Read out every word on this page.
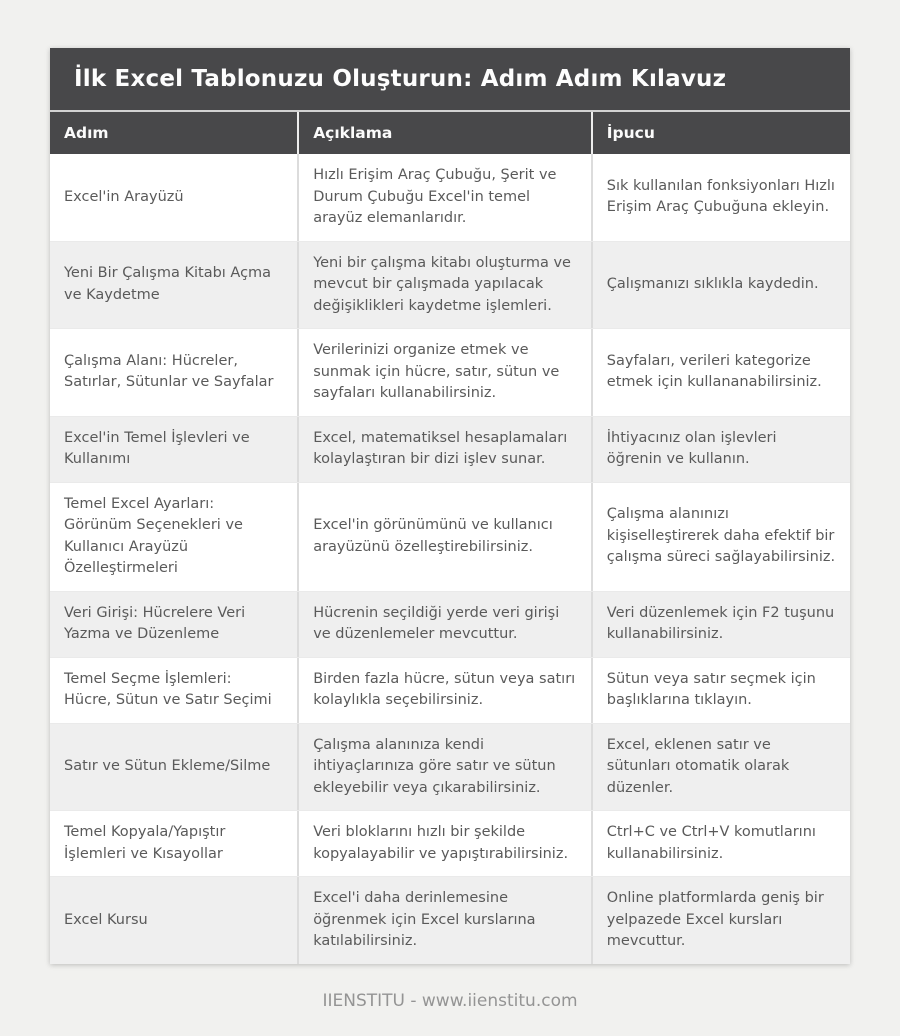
İlk Excel Tablonuzu Oluşturun: Adım Adım Kılavuz
Adım	Açıklama	İpucu
Excel'in Arayüzü
Hızlı Erişim Araç Çubuğu, Şerit ve Durum Çubuğu Excel'in temel arayüz elemanlarıdır.
Sık kullanılan fonksiyonları Hızlı Erişim Araç Çubuğuna ekleyin.
Yeni Bir Çalışma Kitabı Açma ve Kaydetme
Yeni bir çalışma kitabı oluşturma ve mevcut bir çalışmada yapılacak değişiklikleri kaydetme işlemleri.
Çalışmanızı sıklıkla kaydedin.
Çalışma Alanı: Hücreler, Satırlar, Sütunlar ve Sayfalar
Verilerinizi organize etmek ve sunmak için hücre, satır, sütun ve sayfaları kullanabilirsiniz.
Sayfaları, verileri kategorize etmek için kullananabilirsiniz.
Excel'in Temel İşlevleri ve Kullanımı
Excel, matematiksel hesaplamaları kolaylaştıran bir dizi işlev sunar.
İhtiyacınız olan işlevleri öğrenin ve kullanın.
Temel Excel Ayarları: Görünüm Seçenekleri ve Kullanıcı Arayüzü Özelleştirmeleri
Excel'in görünümünü ve kullanıcı arayüzünü özelleştirebilirsiniz.
Çalışma alanınızı kişiselleştirerek daha efektif bir çalışma süreci sağlayabilirsiniz.
Veri Girişi: Hücrelere Veri Yazma ve Düzenleme
Hücrenin seçildiği yerde veri girişi ve düzenlemeler mevcuttur.
Veri düzenlemek için F2 tuşunu kullanabilirsiniz.
Temel Seçme İşlemleri: Hücre, Sütun ve Satır Seçimi
Birden fazla hücre, sütun veya satırı kolaylıkla seçebilirsiniz.
Sütun veya satır seçmek için başlıklarına tıklayın.
Satır ve Sütun Ekleme/Silme
Çalışma alanınıza kendi ihtiyaçlarınıza göre satır ve sütun ekleyebilir veya çıkarabilirsiniz.
Excel, eklenen satır ve sütunları otomatik olarak düzenler.
Temel Kopyala/Yapıştır İşlemleri ve Kısayollar
Veri bloklarını hızlı bir şekilde kopyalayabilir ve yapıştırabilirsiniz.
Ctrl+C ve Ctrl+V komutlarını kullanabilirsiniz.
Excel Kursu
Excel'i daha derinlemesine öğrenmek için Excel kurslarına katılabilirsiniz.
Online platformlarda geniş bir yelpazede Excel kursları mevcuttur.
IIENSTITU - www.iienstitu.com
